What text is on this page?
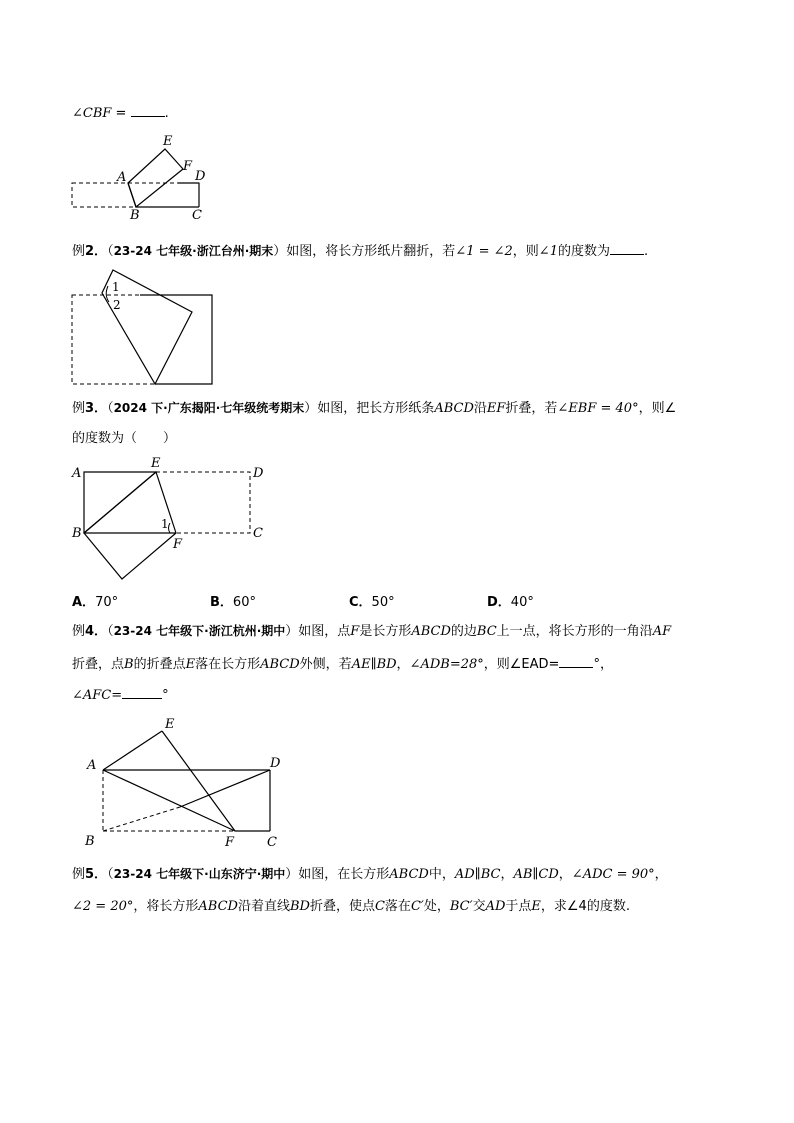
∠CBF =	.
A
B	C
D
E
F
例2．（23-24 七年级·浙江台州·期末）如图，将长方形纸片翻折，若∠1 = ∠2，则∠1的度数为	.
1
2
例3．（2024 下·广东揭阳·七年级统考期末）如图，把长方形纸条ABCD沿EF折叠，若∠EBF = 40°，则∠
的度数为（　　）
A
B	C
D
E
F
1
A．70°	B．60°	C．50°	D．40°
例4．（23-24 七年级下·浙江杭州·期中）如图，点F是长方形ABCD的边BC上一点，将长方形的一角沿AF
折叠，点B的折叠点E落在长方形ABCD外侧，若AE∥BD，∠ADB=28°，则∠EAD=	°，
∠AFC=	°
A
B	C
D
E
F
例5．（23-24 七年级下·山东济宁·期中）如图，在长方形ABCD中，AD∥BC，AB∥CD，∠ADC = 90°，
∠2 = 20°，将长方形ABCD沿着直线BD折叠，使点C落在C′处，BC′交AD于点E，求∠4的度数.
